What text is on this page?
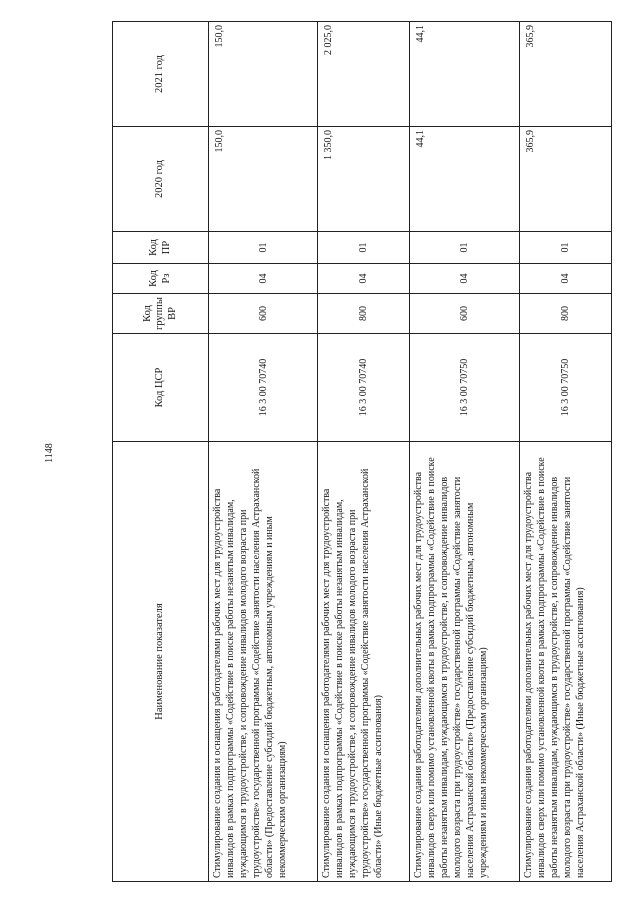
1148
Наименование показателя	Код ЦСР	Код группы ВР	Код Рз	Код ПР	2020 год	2021 год
Стимулирование создания и оснащения работодателями рабочих мест для трудоустройства инвалидов в рамках подпрограммы «Содействие в поиске работы незанятым инвалидам, нуждающимся в трудоустройстве, и сопровождение инвалидов молодого возраста при трудоустройстве» государственной программы «Содействие занятости населения Астраханской области» (Предоставление субсидий бюджетным, автономным учреждениям и иным некоммерческим организациям)	16 3 00 70740	600	04	01	150,0	150,0
Стимулирование создания и оснащения работодателями рабочих мест для трудоустройства инвалидов в рамках подпрограммы «Содействие в поиске работы незанятым инвалидам, нуждающимся в трудоустройстве, и сопровождение инвалидов молодого возраста при трудоустройстве» государственной программы «Содействие занятости населения Астраханской области» (Иные бюджетные ассигнования)	16 3 00 70740	800	04	01	1 350,0	2 025,0
Стимулирование создания работодателями дополнительных рабочих мест для трудоустройства инвалидов сверх или помимо установленной квоты в рамках подпрограммы «Содействие в поиске работы незанятым инвалидам, нуждающимся в трудоустройстве, и сопровождение инвалидов молодого возраста при трудоустройстве» государственной программы «Содействие занятости населения Астраханской области» (Предоставление субсидий бюджетным, автономным учреждениям и иным некоммерческим организациям)	16 3 00 70750	600	04	01	44,1	44,1
Стимулирование создания работодателями дополнительных рабочих мест для трудоустройства инвалидов сверх или помимо установленной квоты в рамках подпрограммы «Содействие в поиске работы незанятым инвалидам, нуждающимся в трудоустройстве, и сопровождение инвалидов молодого возраста при трудоустройстве» государственной программы «Содействие занятости населения Астраханской области» (Иные бюджетные ассигнования)	16 3 00 70750	800	04	01	365,9	365,9
